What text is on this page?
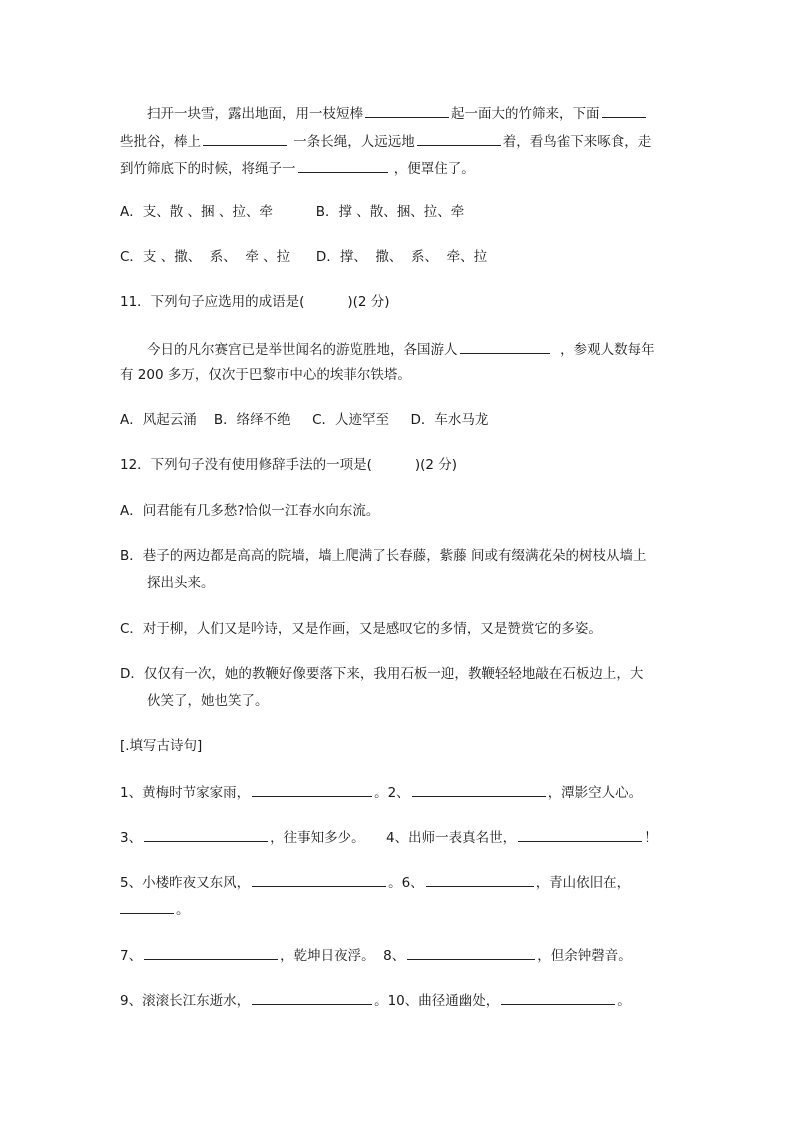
扫开一块雪，露出地面，用一枝短棒	起一面大的竹筛来，下面
些批谷，棒上	一条长绳，人远远地	着，看鸟雀下来啄食，走
到竹筛底下的时候，将绳子一	，便罩住了。
A．支、散 、捆 、拉、牵          B．撑 、散、捆、拉、牵
C．支 、撒、  系、  牵 、拉      D．撑、  撒、  系、  牵、拉
11．下列句子应选用的成语是(          )(2 分)
今日的凡尔赛宫已是举世闻名的游览胜地，各国游人	，参观人数每年
有 200 多万，仅次于巴黎市中心的埃菲尔铁塔。
A．风起云涌    B．络绎不绝     C．人迹罕至     D．车水马龙
12．下列句子没有使用修辞手法的一项是(          )(2 分)
A．问君能有几多愁?恰似一江春水向东流。
B．巷子的两边都是高高的院墙，墙上爬满了长春藤，紫藤 间或有缀满花朵的树枝从墙上
探出头来。
C．对于柳，人们又是吟诗，又是作画，又是感叹它的多情，又是赞赏它的多姿。
D．仅仅有一次，她的教鞭好像要落下来，我用石板一迎，教鞭轻轻地敲在石板边上，大
伙笑了，她也笑了。
[.填写古诗句]
1、黄梅时节家家雨，	。2、	，潭影空人心。
3、	，往事知多少。     4、出师一表真名世，	！
5、小楼昨夜又东风，	。6、	，青山依旧在，
。
7、	，乾坤日夜浮。  8、	，但余钟磬音。
9、滚滚长江东逝水，	。10、曲径通幽处，	。
